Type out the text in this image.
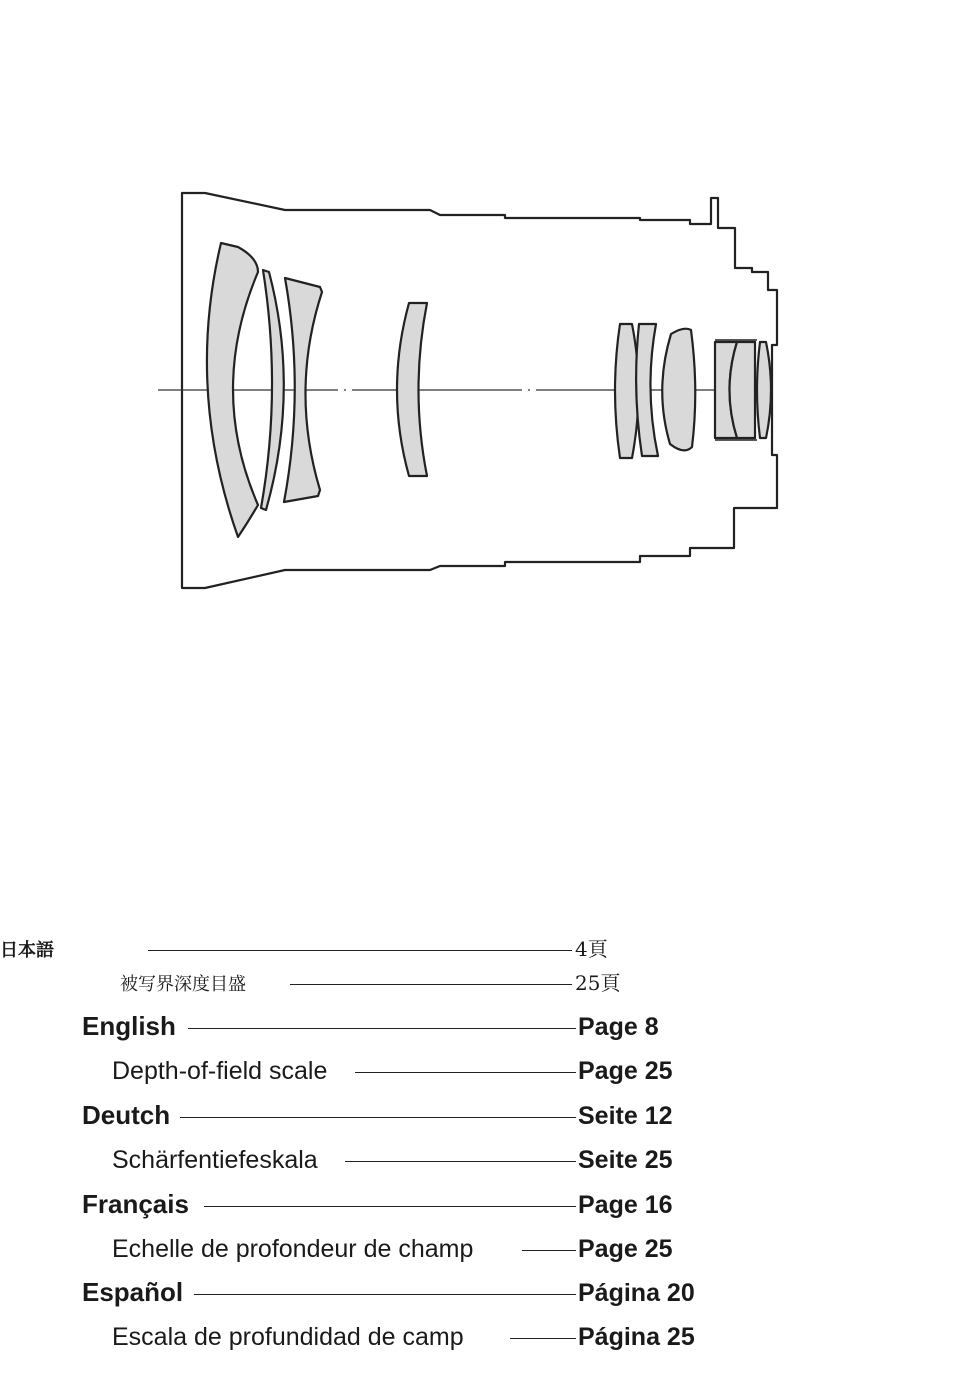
日本語	4頁
被写界深度目盛	25頁
English	Page 8
Depth-of-field scale	Page 25
Deutch	Seite 12
Schärfentiefeskala	Seite 25
Français	Page 16
Echelle de profondeur de champ	Page 25
Español	Página 20
Escala de profundidad de camp	Página 25
